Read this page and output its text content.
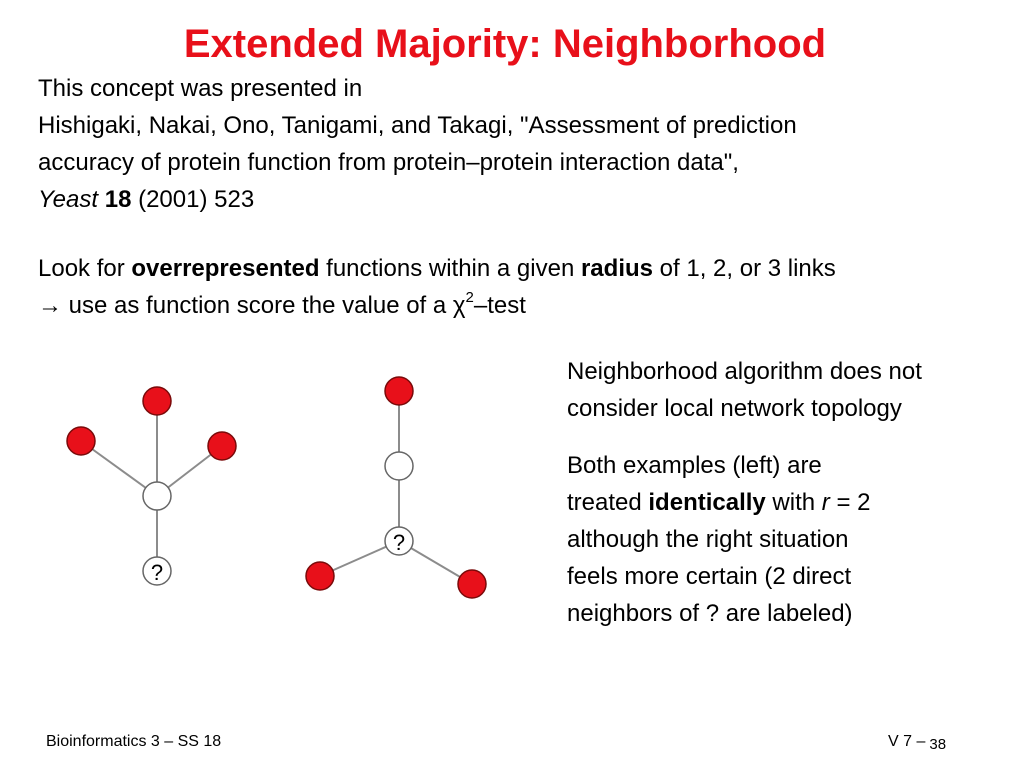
Extended Majority: Neighborhood
This concept was presented in
Hishigaki, Nakai, Ono, Tanigami, and Takagi, "Assessment of prediction
accuracy of protein function from protein–protein interaction data",
Yeast 18 (2001) 523
Look for overrepresented functions within a given radius of 1, 2, or 3 links
→ use as function score the value of a $\chi^2$–test
Neighborhood algorithm does not
consider local network topology
Both examples (left) are
treated identically with r = 2
although the right situation
feels more certain (2 direct
neighbors of ? are labeled)
?
?
Bioinformatics 3 – SS 18	V 7 – 38
